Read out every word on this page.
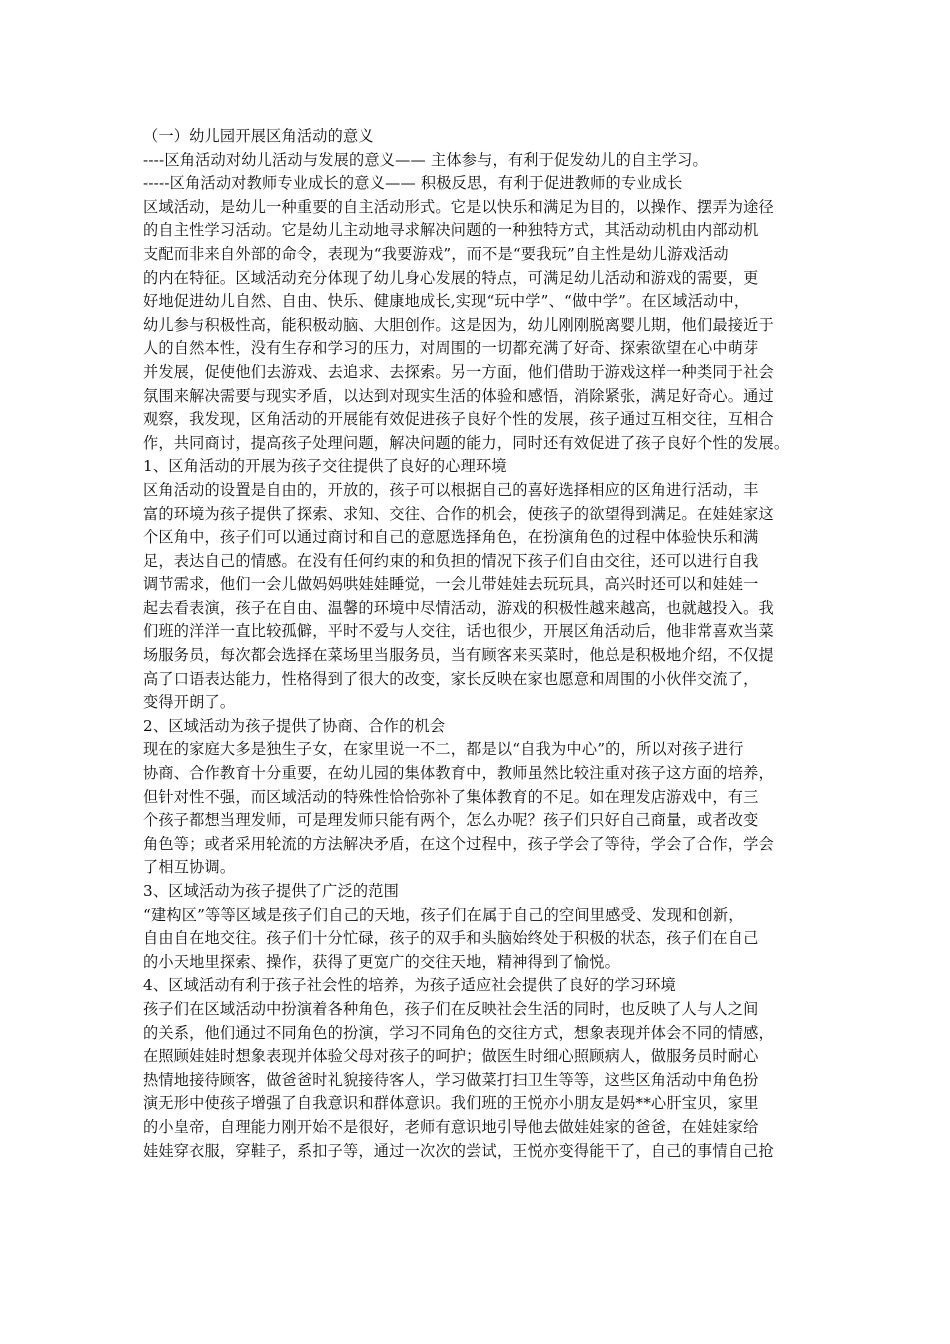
（一）幼儿园开展区角活动的意义
----区角活动对幼儿活动与发展的意义—— 主体参与，有利于促发幼儿的自主学习。
-----区角活动对教师专业成长的意义—— 积极反思，有利于促进教师的专业成长
区域活动，是幼儿一种重要的自主活动形式。它是以快乐和满足为目的，以操作、摆弄为途径
的自主性学习活动。它是幼儿主动地寻求解决问题的一种独特方式，其活动动机由内部动机
支配而非来自外部的命令，表现为“我要游戏”，而不是“要我玩”自主性是幼儿游戏活动
的内在特征。区域活动充分体现了幼儿身心发展的特点，可满足幼儿活动和游戏的需要，更
好地促进幼儿自然、自由、快乐、健康地成长,实现“玩中学”、“做中学”。在区域活动中，
幼儿参与积极性高，能积极动脑、大胆创作。这是因为，幼儿刚刚脱离婴儿期，他们最接近于
人的自然本性，没有生存和学习的压力，对周围的一切都充满了好奇、探索欲望在心中萌芽
并发展，促使他们去游戏、去追求、去探索。另一方面，他们借助于游戏这样一种类同于社会
氛围来解决需要与现实矛盾，以达到对现实生活的体验和感悟，消除紧张，满足好奇心。通过
观察，我发现，区角活动的开展能有效促进孩子良好个性的发展，孩子通过互相交往，互相合
作，共同商讨，提高孩子处理问题，解决问题的能力，同时还有效促进了孩子良好个性的发展。
1、区角活动的开展为孩子交往提供了良好的心理环境
区角活动的设置是自由的，开放的，孩子可以根据自己的喜好选择相应的区角进行活动，丰
富的环境为孩子提供了探索、求知、交往、合作的机会，使孩子的欲望得到满足。在娃娃家这
个区角中，孩子们可以通过商讨和自己的意愿选择角色，在扮演角色的过程中体验快乐和满
足，表达自己的情感。在没有任何约束的和负担的情况下孩子们自由交往，还可以进行自我
调节需求，他们一会儿做妈妈哄娃娃睡觉，一会儿带娃娃去玩玩具，高兴时还可以和娃娃一
起去看表演，孩子在自由、温馨的环境中尽情活动，游戏的积极性越来越高，也就越投入。我
们班的洋洋一直比较孤僻，平时不爱与人交往，话也很少，开展区角活动后，他非常喜欢当菜
场服务员，每次都会选择在菜场里当服务员，当有顾客来买菜时，他总是积极地介绍，不仅提
高了口语表达能力，性格得到了很大的改变，家长反映在家也愿意和周围的小伙伴交流了，
变得开朗了。
2、区域活动为孩子提供了协商、合作的机会
现在的家庭大多是独生子女，在家里说一不二，都是以“自我为中心”的，所以对孩子进行
协商、合作教育十分重要，在幼儿园的集体教育中，教师虽然比较注重对孩子这方面的培养，
但针对性不强，而区域活动的特殊性恰恰弥补了集体教育的不足。如在理发店游戏中，有三
个孩子都想当理发师，可是理发师只能有两个，怎么办呢？孩子们只好自己商量，或者改变
角色等；或者采用轮流的方法解决矛盾，在这个过程中，孩子学会了等待，学会了合作，学会
了相互协调。
3、区域活动为孩子提供了广泛的范围
“建构区”等等区域是孩子们自己的天地，孩子们在属于自己的空间里感受、发现和创新，
自由自在地交往。孩子们十分忙碌，孩子的双手和头脑始终处于积极的状态，孩子们在自己
的小天地里探索、操作，获得了更宽广的交往天地，精神得到了愉悦。
4、区域活动有利于孩子社会性的培养，为孩子适应社会提供了良好的学习环境
孩子们在区域活动中扮演着各种角色，孩子们在反映社会生活的同时，也反映了人与人之间
的关系，他们通过不同角色的扮演，学习不同角色的交往方式，想象表现并体会不同的情感，
在照顾娃娃时想象表现并体验父母对孩子的呵护；做医生时细心照顾病人，做服务员时耐心
热情地接待顾客，做爸爸时礼貌接待客人，学习做菜打扫卫生等等，这些区角活动中角色扮
演无形中使孩子增强了自我意识和群体意识。我们班的王悦亦小朋友是妈**心肝宝贝，家里
的小皇帝，自理能力刚开始不是很好，老师有意识地引导他去做娃娃家的爸爸，在娃娃家给
娃娃穿衣服，穿鞋子，系扣子等，通过一次次的尝试，王悦亦变得能干了，自己的事情自己抢
